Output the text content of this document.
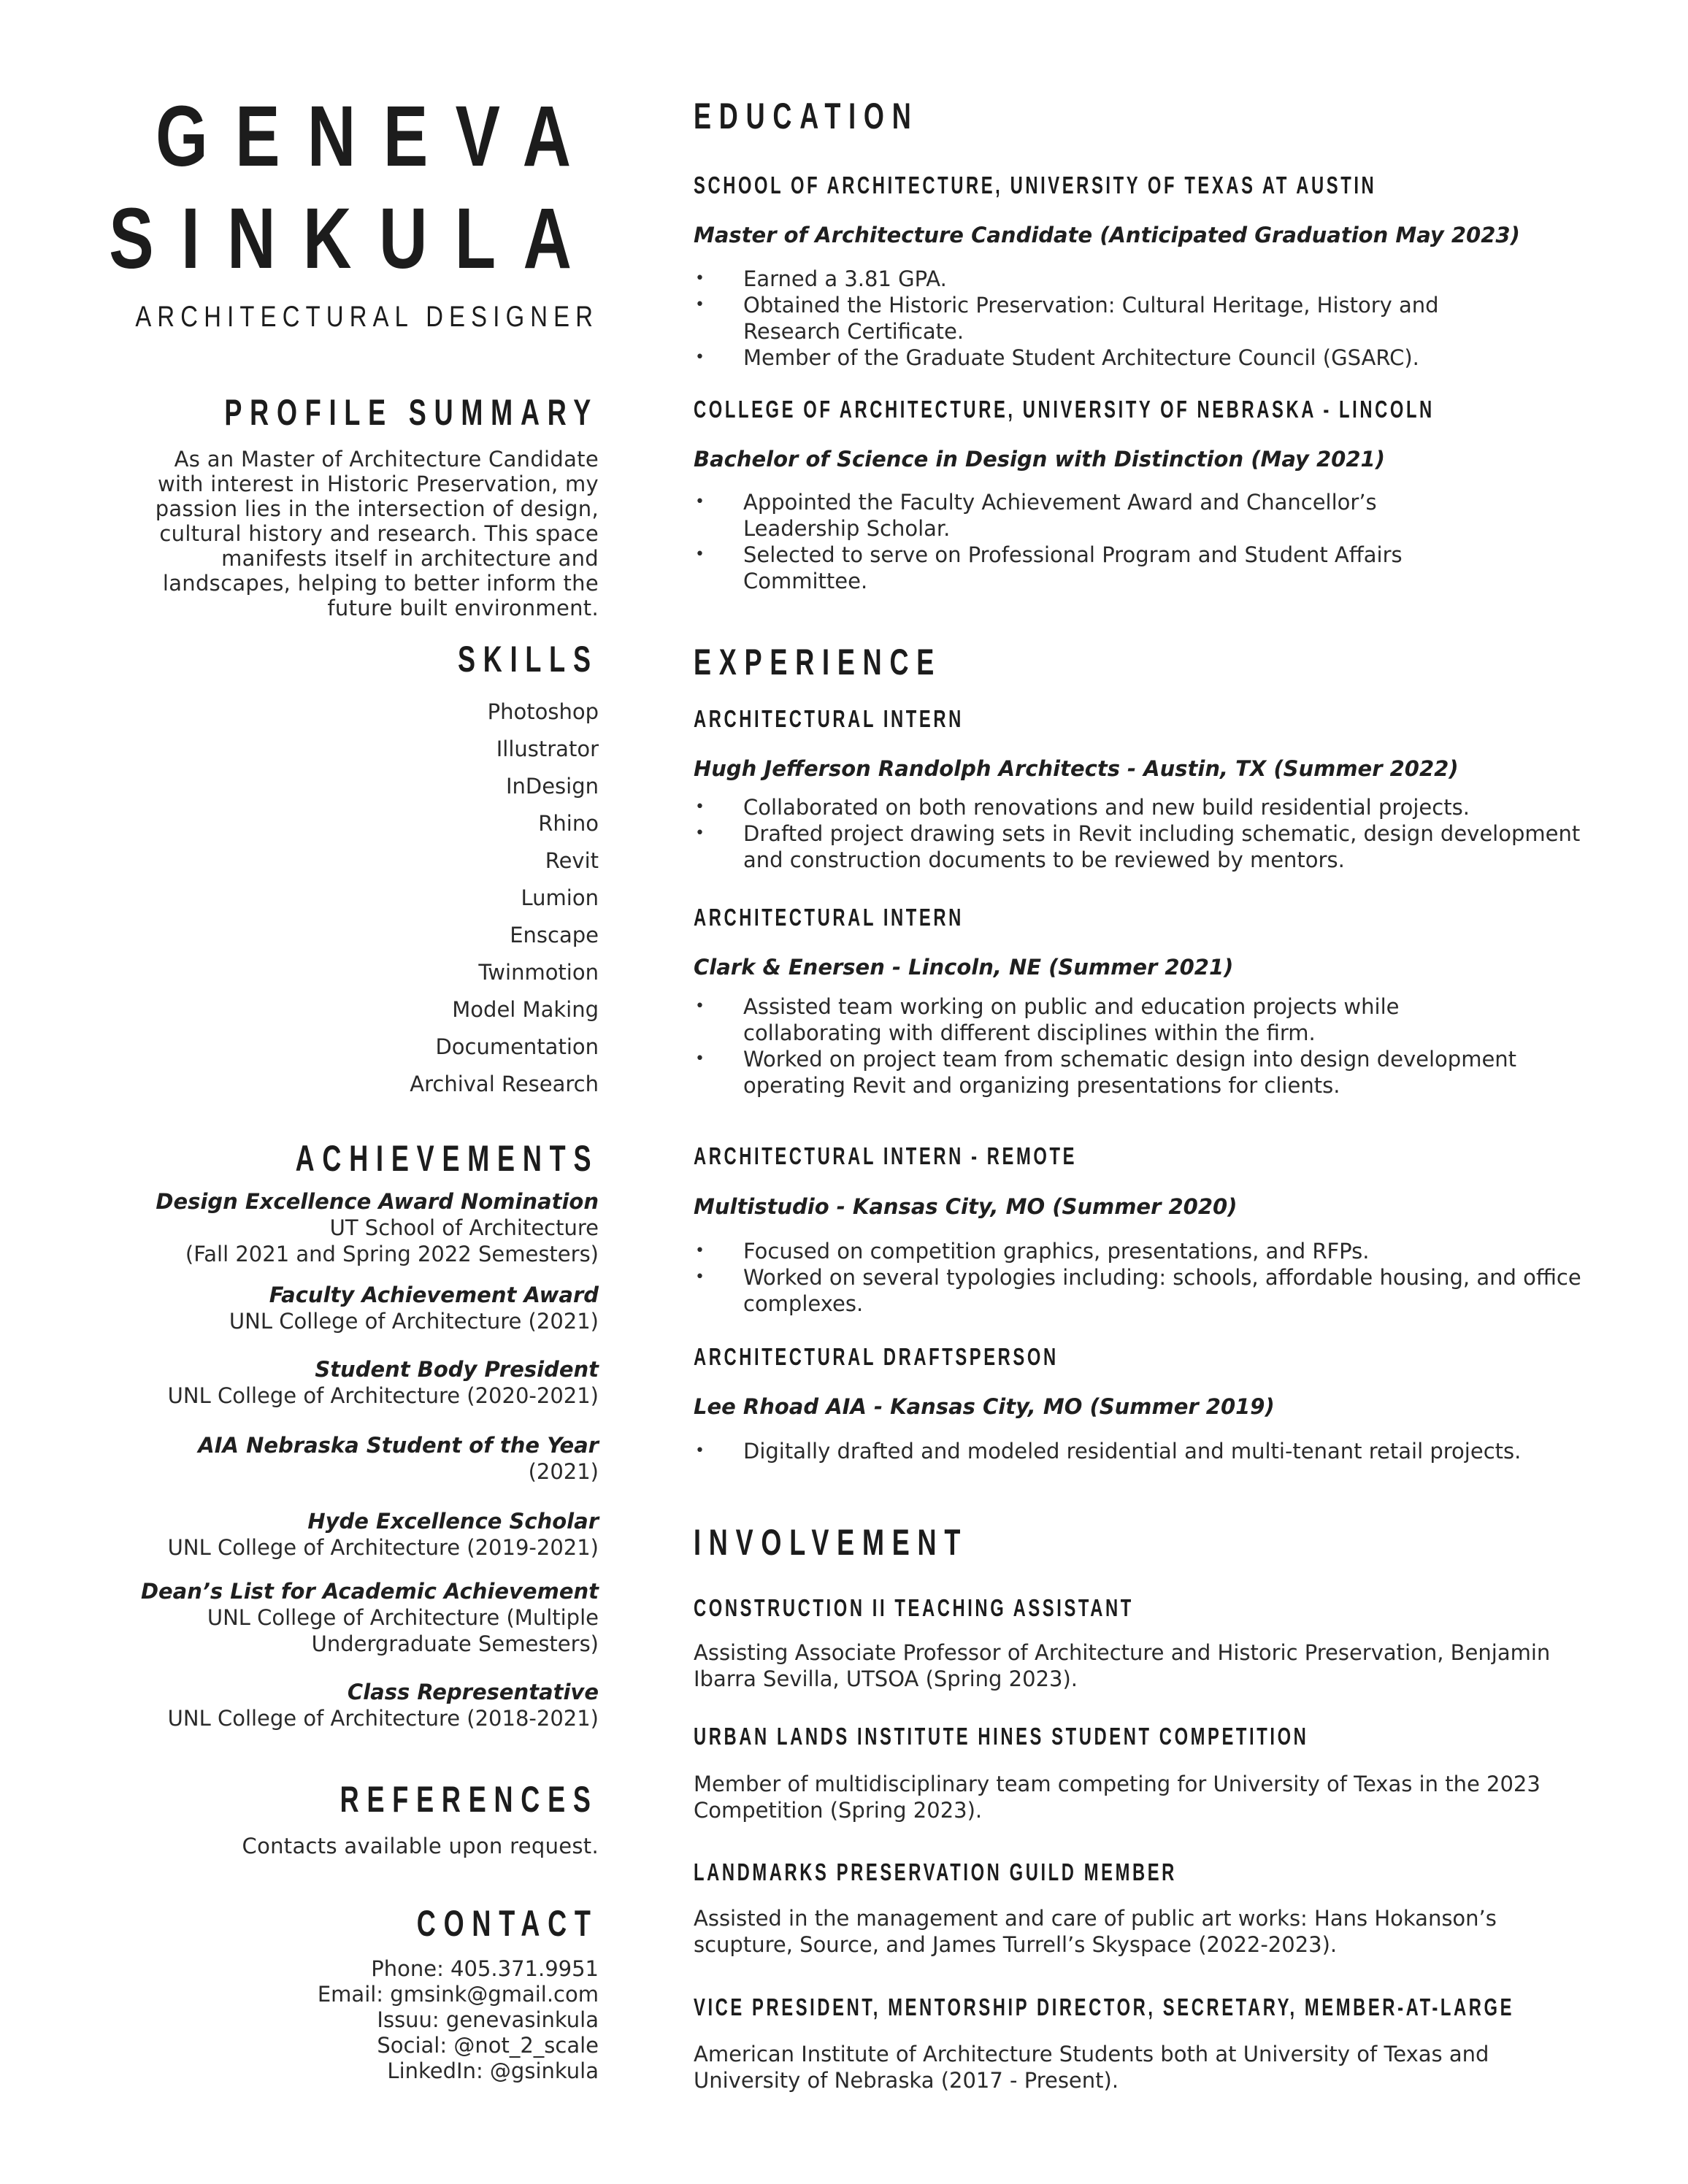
GENEVA
SINKULA
ARCHITECTURAL DESIGNER
PROFILE SUMMARY
As an Master of Architecture Candidate
with interest in Historic Preservation, my
passion lies in the intersection of design,
cultural history and research. This space
manifests itself in architecture and
landscapes, helping to better inform the
future built environment.
SKILLS
Photoshop
Illustrator
InDesign
Rhino
Revit
Lumion
Enscape
Twinmotion
Model Making
Documentation
Archival Research
ACHIEVEMENTS
Design Excellence Award Nomination
UT School of Architecture
(Fall 2021 and Spring 2022 Semesters)
Faculty Achievement Award
UNL College of Architecture (2021)
Student Body President
UNL College of Architecture (2020-2021)
AIA Nebraska Student of the Year
(2021)
Hyde Excellence Scholar
UNL College of Architecture (2019-2021)
Dean’s List for Academic Achievement
UNL College of Architecture (Multiple
Undergraduate Semesters)
Class Representative
UNL College of Architecture (2018-2021)
REFERENCES
Contacts available upon request.
CONTACT
Phone: 405.371.9951
Email: gmsink@gmail.com
Issuu: genevasinkula
Social: @not_2_scale
LinkedIn: @gsinkula
EDUCATION
SCHOOL OF ARCHITECTURE, UNIVERSITY OF TEXAS AT AUSTIN
Master of Architecture Candidate (Anticipated Graduation May 2023)
• Earned a 3.81 GPA.
• Obtained the Historic Preservation: Cultural Heritage, History and Research Certificate.
• Member of the Graduate Student Architecture Council (GSARC).
COLLEGE OF ARCHITECTURE, UNIVERSITY OF NEBRASKA - LINCOLN
Bachelor of Science in Design with Distinction (May 2021)
• Appointed the Faculty Achievement Award and Chancellor’s Leadership Scholar.
• Selected to serve on Professional Program and Student Affairs Committee.
EXPERIENCE
ARCHITECTURAL INTERN
Hugh Jefferson Randolph Architects - Austin, TX (Summer 2022)
• Collaborated on both renovations and new build residential projects.
• Drafted project drawing sets in Revit including schematic, design development and construction documents to be reviewed by mentors.
ARCHITECTURAL INTERN
Clark & Enersen - Lincoln, NE (Summer 2021)
• Assisted team working on public and education projects while collaborating with different disciplines within the firm.
• Worked on project team from schematic design into design development operating Revit and organizing presentations for clients.
ARCHITECTURAL INTERN - REMOTE
Multistudio - Kansas City, MO (Summer 2020)
• Focused on competition graphics, presentations, and RFPs.
• Worked on several typologies including: schools, affordable housing, and office complexes.
ARCHITECTURAL DRAFTSPERSON
Lee Rhoad AIA - Kansas City, MO (Summer 2019)
• Digitally drafted and modeled residential and multi-tenant retail projects.
INVOLVEMENT
CONSTRUCTION II TEACHING ASSISTANT
Assisting Associate Professor of Architecture and Historic Preservation, Benjamin Ibarra Sevilla, UTSOA (Spring 2023).
URBAN LANDS INSTITUTE HINES STUDENT COMPETITION
Member of multidisciplinary team competing for University of Texas in the 2023 Competition (Spring 2023).
LANDMARKS PRESERVATION GUILD MEMBER
Assisted in the management and care of public art works: Hans Hokanson’s scupture, Source, and James Turrell’s Skyspace (2022-2023).
VICE PRESIDENT, MENTORSHIP DIRECTOR, SECRETARY, MEMBER-AT-LARGE
American Institute of Architecture Students both at University of Texas and University of Nebraska (2017 - Present).
